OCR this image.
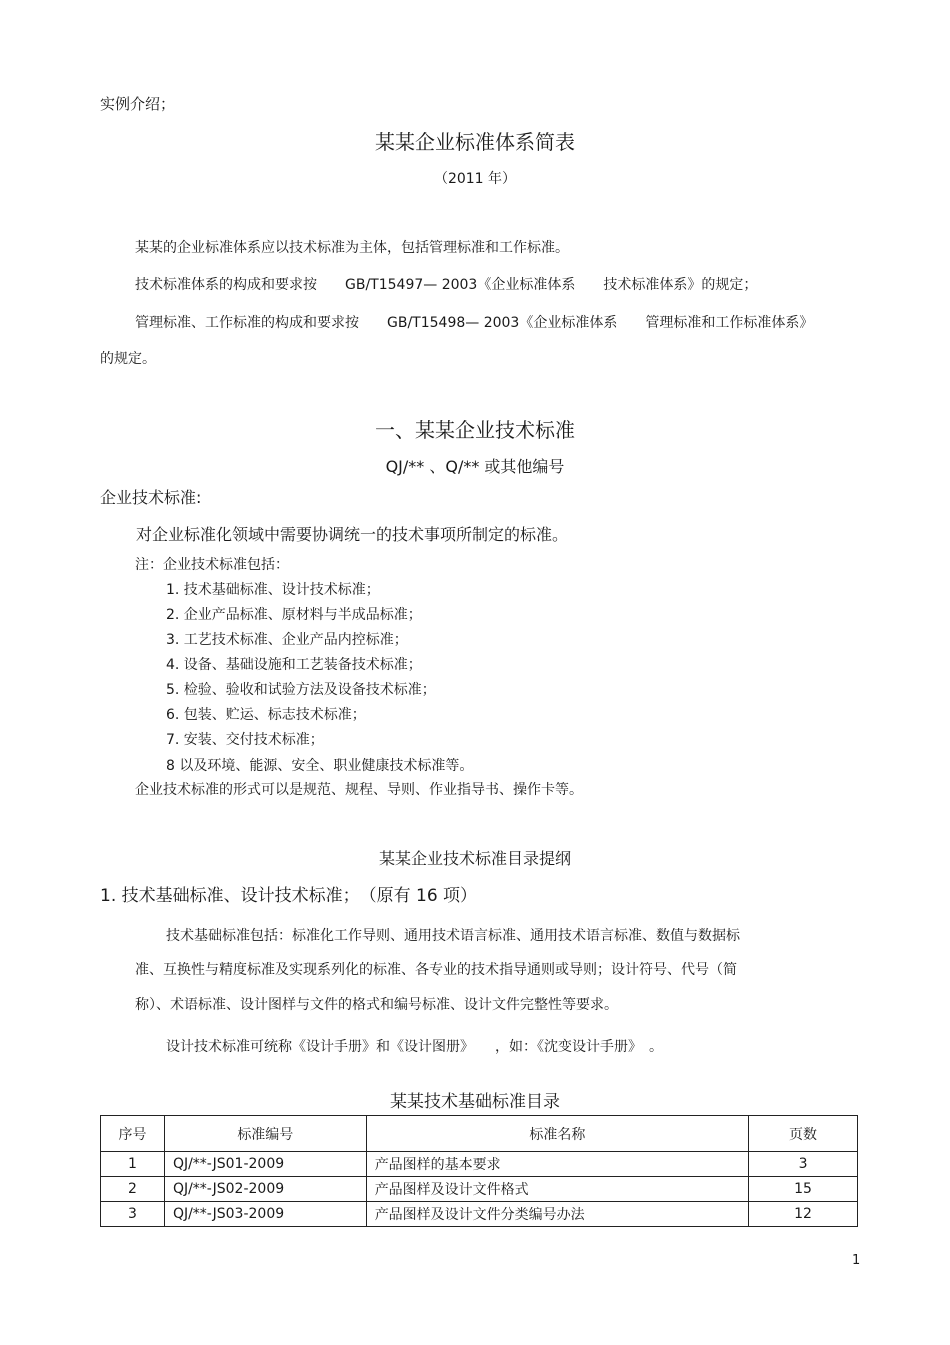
实例介绍；
某某企业标准体系简表
（2011 年）
某某的企业标准体系应以技术标准为主体，包括管理标准和工作标准。
技术标准体系的构成和要求按　　GB/T15497— 2003《企业标准体系　　技术标准体系》的规定；
管理标准、工作标准的构成和要求按　　GB/T15498— 2003《企业标准体系　　管理标准和工作标准体系》
的规定。
一、某某企业技术标准
QJ/** 、Q/** 或其他编号
企业技术标准:
对企业标准化领域中需要协调统一的技术事项所制定的标准。
注：企业技术标准包括：
1. 技术基础标准、设计技术标准；
2. 企业产品标准、原材料与半成品标准；
3. 工艺技术标准、企业产品内控标准；
4. 设备、基础设施和工艺装备技术标准；
5. 检验、验收和试验方法及设备技术标准；
6. 包装、贮运、标志技术标准；
7. 安装、交付技术标准；
8 以及环境、能源、安全、职业健康技术标准等。
企业技术标准的形式可以是规范、规程、导则、作业指导书、操作卡等。
某某企业技术标准目录提纲
1. 技术基础标准、设计技术标准；　（原有 16 项）
技术基础标准包括：标准化工作导则、通用技术语言标准、通用技术语言标准、数值与数据标
准、互换性与精度标准及实现系列化的标准、各专业的技术指导通则或导则；设计符号、代号（简
称）、术语标准、设计图样与文件的格式和编号标准、设计文件完整性等要求。
设计技术标准可统称《设计手册》和《设计图册》　　，如：《沈变设计手册》　。
某某技术基础标准目录
序号	标准编号	标准名称	页数
1	QJ/**-JS01-2009	产品图样的基本要求	3
2	QJ/**-JS02-2009	产品图样及设计文件格式	15
3	QJ/**-JS03-2009	产品图样及设计文件分类编号办法	12
1
